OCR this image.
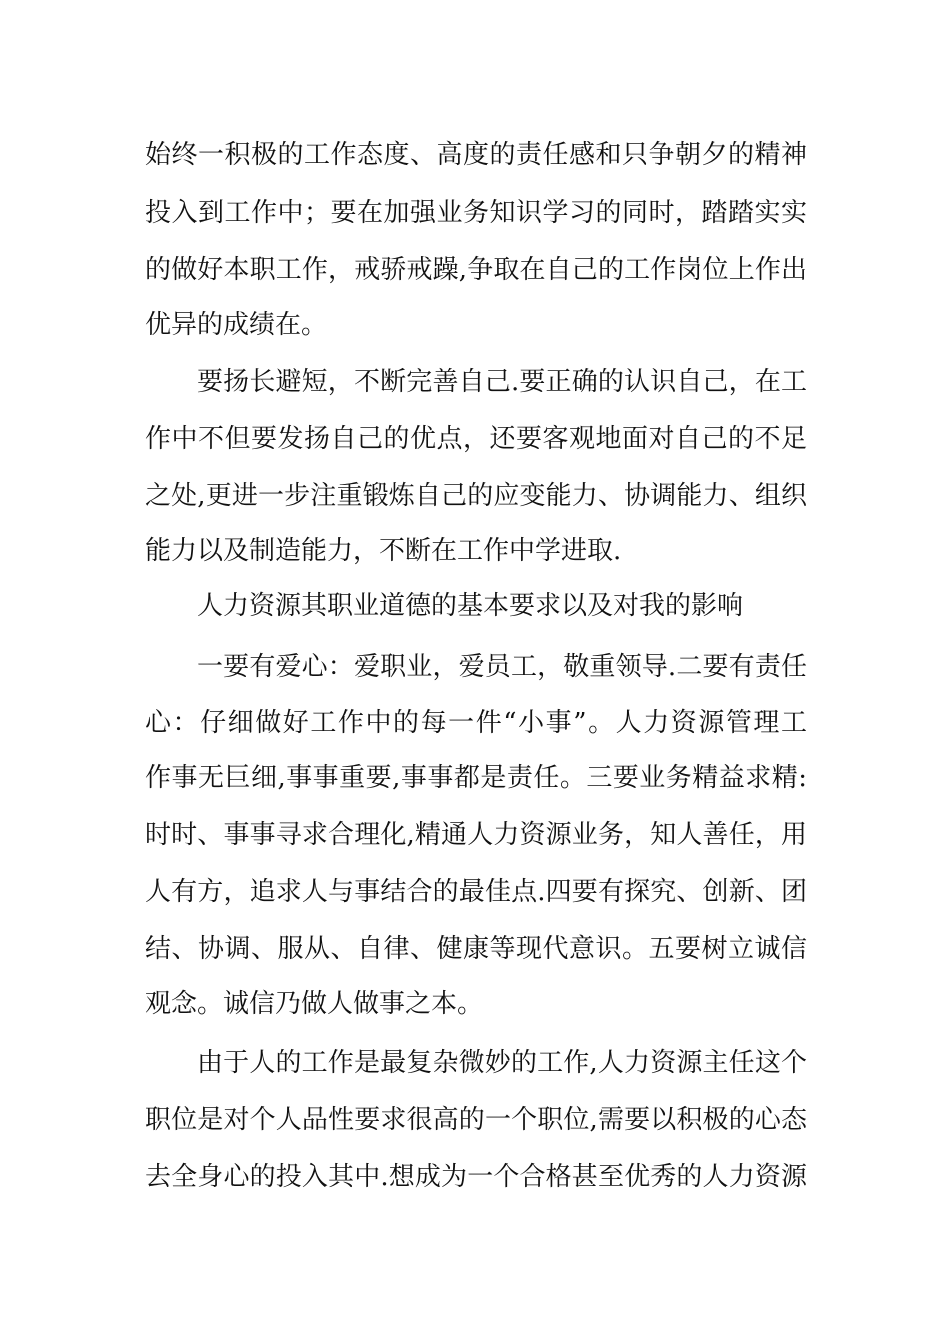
始终一积极的工作态度、高度的责任感和只争朝夕的精神
投入到工作中；要在加强业务知识学习的同时，踏踏实实
的做好本职工作，戒骄戒躁,争取在自己的工作岗位上作出
优异的成绩在。
要扬长避短，不断完善自己.要正确的认识自己，在工
作中不但要发扬自己的优点，还要客观地面对自己的不足
之处,更进一步注重锻炼自己的应变能力、协调能力、组织
能力以及制造能力，不断在工作中学进取.
人力资源其职业道德的基本要求以及对我的影响
一要有爱心：爱职业，爱员工，敬重领导.二要有责任
心：仔细做好工作中的每一件“小事”。人力资源管理工
作事无巨细,事事重要,事事都是责任。三要业务精益求精:
时时、事事寻求合理化,精通人力资源业务，知人善任，用
人有方，追求人与事结合的最佳点.四要有探究、创新、团
结、协调、服从、自律、健康等现代意识。五要树立诚信
观念。诚信乃做人做事之本。
由于人的工作是最复杂微妙的工作,人力资源主任这个
职位是对个人品性要求很高的一个职位,需要以积极的心态
去全身心的投入其中.想成为一个合格甚至优秀的人力资源
